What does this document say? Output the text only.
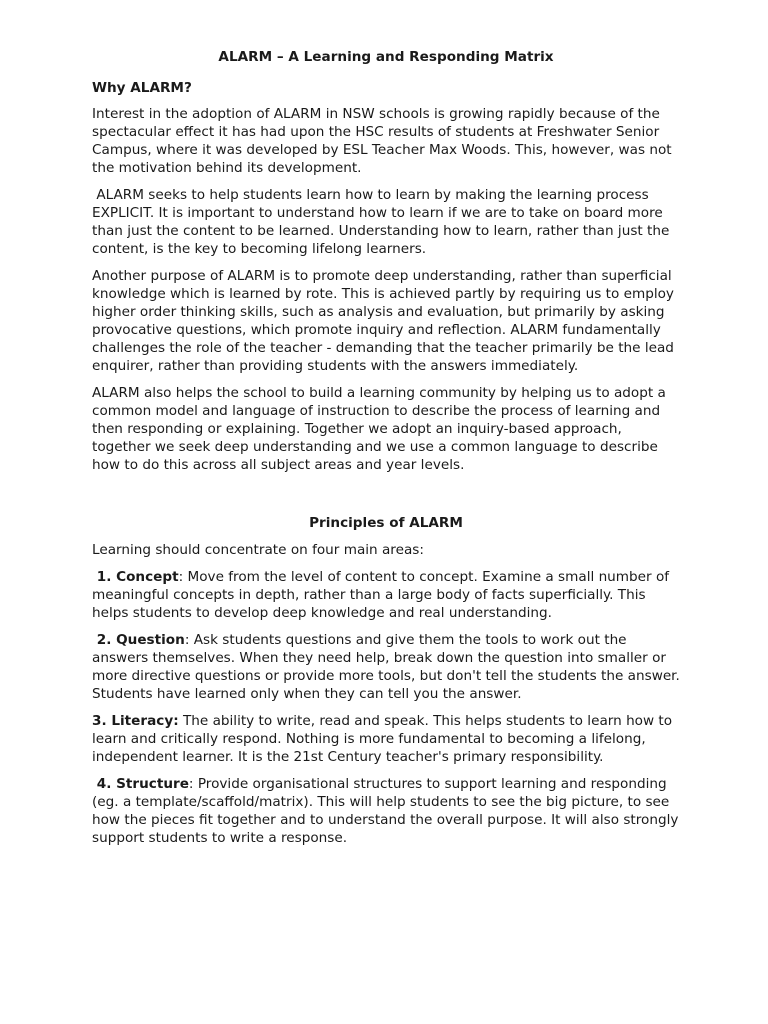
ALARM – A Learning and Responding Matrix
Why ALARM?

Interest in the adoption of ALARM in NSW schools is growing rapidly because of the spectacular effect it has had upon the HSC results of students at Freshwater Senior Campus, where it was developed by ESL Teacher Max Woods. This, however, was not the motivation behind its development.

ALARM seeks to help students learn how to learn by making the learning process EXPLICIT. It is important to understand how to learn if we are to take on board more than just the content to be learned. Understanding how to learn, rather than just the content, is the key to becoming lifelong learners.

Another purpose of ALARM is to promote deep understanding, rather than superficial knowledge which is learned by rote. This is achieved partly by requiring us to employ higher order thinking skills, such as analysis and evaluation, but primarily by asking provocative questions, which promote inquiry and reflection. ALARM fundamentally challenges the role of the teacher - demanding that the teacher primarily be the lead enquirer, rather than providing students with the answers immediately.

ALARM also helps the school to build a learning community by helping us to adopt a common model and language of instruction to describe the process of learning and then responding or explaining. Together we adopt an inquiry-based approach, together we seek deep understanding and we use a common language to describe how to do this across all subject areas and year levels.

Principles of ALARM

Learning should concentrate on four main areas:

1. Concept: Move from the level of content to concept. Examine a small number of meaningful concepts in depth, rather than a large body of facts superficially. This helps students to develop deep knowledge and real understanding.

2. Question: Ask students questions and give them the tools to work out the answers themselves. When they need help, break down the question into smaller or more directive questions or provide more tools, but don't tell the students the answer. Students have learned only when they can tell you the answer.

3. Literacy: The ability to write, read and speak. This helps students to learn how to learn and critically respond. Nothing is more fundamental to becoming a lifelong, independent learner. It is the 21st Century teacher's primary responsibility.

4. Structure: Provide organisational structures to support learning and responding (eg. a template/scaffold/matrix). This will help students to see the big picture, to see how the pieces fit together and to understand the overall purpose. It will also strongly support students to write a response.
